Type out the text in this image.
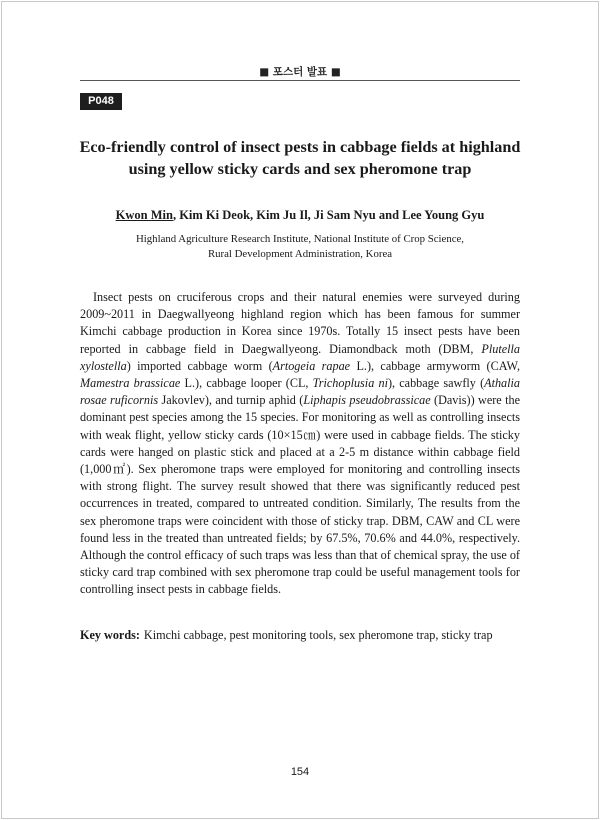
■ 포스터 발표 ■
P048
Eco-friendly control of insect pests in cabbage fields at highland
using yellow sticky cards and sex pheromone trap
Kwon Min, Kim Ki Deok, Kim Ju Il, Ji Sam Nyu and Lee Young Gyu
Highland Agriculture Research Institute, National Institute of Crop Science,
Rural Development Administration, Korea

Insect pests on cruciferous crops and their natural enemies were surveyed during 2009~2011 in Daegwallyeong highland region which has been famous for summer Kimchi cabbage production in Korea since 1970s. Totally 15 insect pests have been reported in cabbage field in Daegwallyeong. Diamondback moth (DBM, Plutella xylostella) imported cabbage worm (Artogeia rapae L.), cabbage armyworm (CAW, Mamestra brassicae L.), cabbage looper (CL, Trichoplusia ni), cabbage sawfly (Athalia rosae ruficornis Jakovlev), and turnip aphid (Liphapis pseudobrassicae (Davis)) were the dominant pest species among the 15 species. For monitoring as well as controlling insects with weak flight, yellow sticky cards (10×15㎝) were used in cabbage fields. The sticky cards were hanged on plastic stick and placed at a 2-5 m distance within cabbage field (1,000㎡). Sex pheromone traps were employed for monitoring and controlling insects with strong flight. The survey result showed that there was significantly reduced pest occurrences in treated, compared to untreated condition. Similarly, The results from the sex pheromone traps were coincident with those of sticky trap. DBM, CAW and CL were found less in the treated than untreated fields; by 67.5%, 70.6% and 44.0%, respectively. Although the control efficacy of such traps was less than that of chemical spray, the use of sticky card trap combined with sex pheromone trap could be useful management tools for controlling insect pests in cabbage fields.

Key words: Kimchi cabbage, pest monitoring tools, sex pheromone trap, sticky trap
154
